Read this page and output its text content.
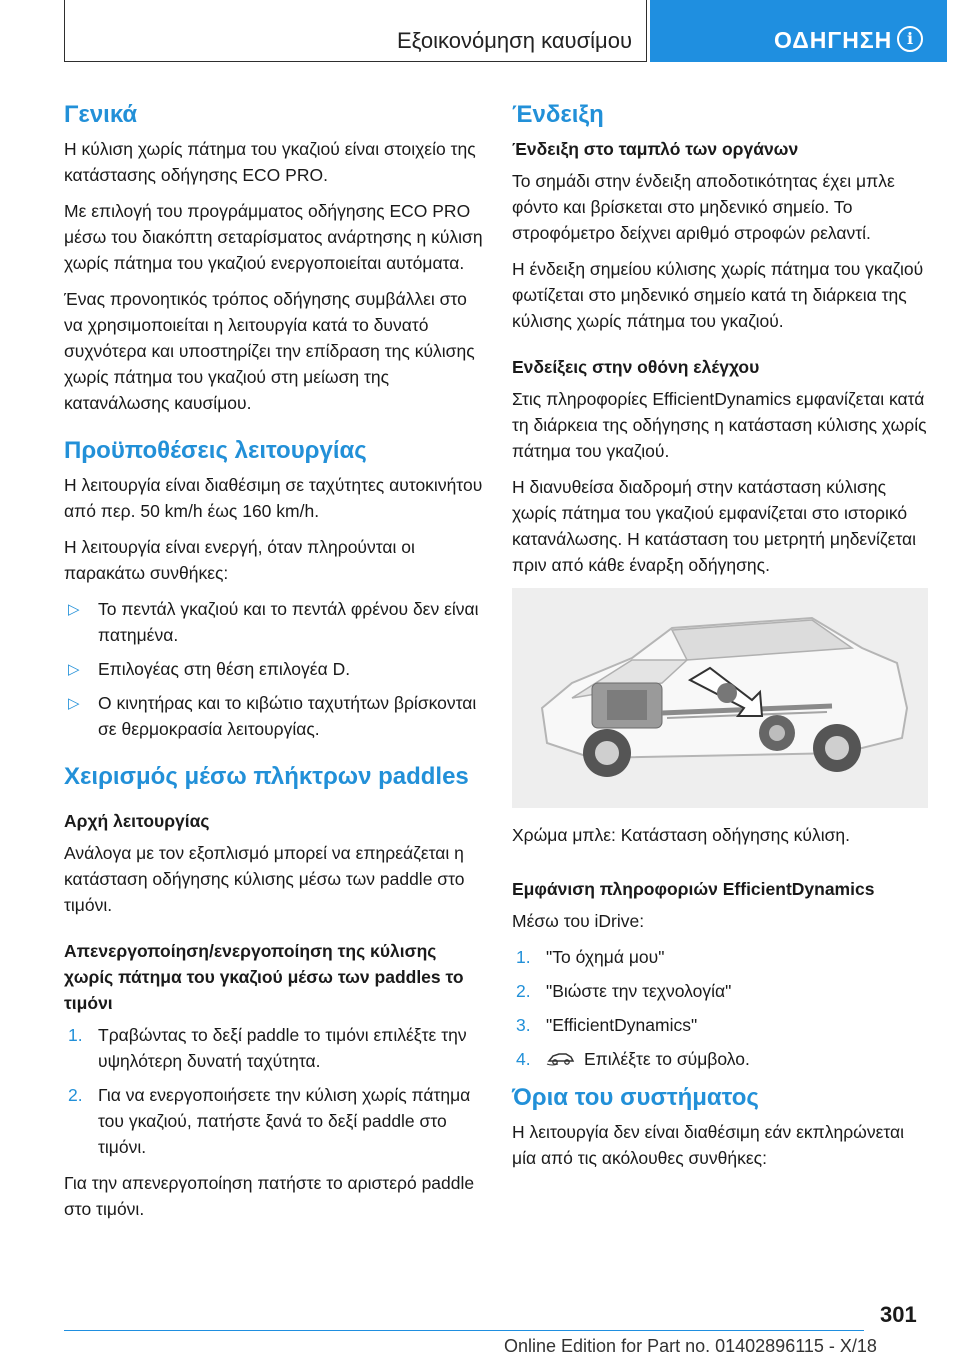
Εξοικονόμηση καυσίμου	ΟΔΗΓΗΣΗ i
Γενικά

Η κύλιση χωρίς πάτημα του γκαζιού είναι στοιχείο της κατάστασης οδήγησης ECO PRO.

Με επιλογή του προγράμματος οδήγησης ECO PRO μέσω του διακόπτη σεταρίσματος ανάρτησης η κύλιση χωρίς πάτημα του γκαζιού ενεργοποιείται αυτόματα.

Ένας προνοητικός τρόπος οδήγησης συμβάλλει στο να χρησιμοποιείται η λειτουργία κατά το δυνατό συχνότερα και υποστηρίζει την επίδραση της κύλισης χωρίς πάτημα του γκαζιού στη μείωση της κατανάλωσης καυσίμου.

Προϋποθέσεις λειτουργίας

Η λειτουργία είναι διαθέσιμη σε ταχύτητες αυτοκινήτου από περ. 50 km/h έως 160 km/h.

Η λειτουργία είναι ενεργή, όταν πληρούνται οι παρακάτω συνθήκες:

▷ Το πεντάλ γκαζιού και το πεντάλ φρένου δεν είναι πατημένα.
▷ Επιλογέας στη θέση επιλογέα D.
▷ Ο κινητήρας και το κιβώτιο ταχυτήτων βρίσκονται σε θερμοκρασία λειτουργίας.
Χειρισμός μέσω πλήκτρων paddles
Αρχή λειτουργίας

Ανάλογα με τον εξοπλισμό μπορεί να επηρεάζεται η κατάσταση οδήγησης κύλισης μέσω των paddle στο τιμόνι.

Απενεργοποίηση/ενεργοποίηση της κύλισης χωρίς πάτημα του γκαζιού μέσω των paddles το τιμόνι
1. Τραβώντας το δεξί paddle το τιμόνι επιλέξτε την υψηλότερη δυνατή ταχύτητα.
2. Για να ενεργοποιήσετε την κύλιση χωρίς πάτημα του γκαζιού, πατήστε ξανά το δεξί paddle στο τιμόνι.

Για την απενεργοποίηση πατήστε το αριστερό paddle στο τιμόνι.

Ένδειξη
Ένδειξη στο ταμπλό των οργάνων

Το σημάδι στην ένδειξη αποδοτικότητας έχει μπλε φόντο και βρίσκεται στο μηδενικό σημείο. Το στροφόμετρο δείχνει αριθμό στροφών ρελαντί.

Η ένδειξη σημείου κύλισης χωρίς πάτημα του γκαζιού φωτίζεται στο μηδενικό σημείο κατά τη διάρκεια της κύλισης χωρίς πάτημα του γκαζιού.

Ενδείξεις στην οθόνη ελέγχου

Στις πληροφορίες EfficientDynamics εμφανίζεται κατά τη διάρκεια της οδήγησης η κατάσταση κύλισης χωρίς πάτημα του γκαζιού.

Η διανυθείσα διαδρομή στην κατάσταση κύλισης χωρίς πάτημα του γκαζιού εμφανίζεται στο ιστορικό κατανάλωσης. Η κατάσταση του μετρητή μηδενίζεται πριν από κάθε έναρξη οδήγησης.

Χρώμα μπλε: Κατάσταση οδήγησης κύλιση.

Εμφάνιση πληροφοριών EfficientDynamics

Μέσω του iDrive:

1. "Το όχημά μου"
2. "Βιώστε την τεχνολογία"
3. "EfficientDynamics"
4.	Επιλέξτε το σύμβολο.
Όρια του συστήματος

Η λειτουργία δεν είναι διαθέσιμη εάν εκπληρώνεται μία από τις ακόλουθες συνθήκες:

301
Online Edition for Part no. 01402896115 - X/18
